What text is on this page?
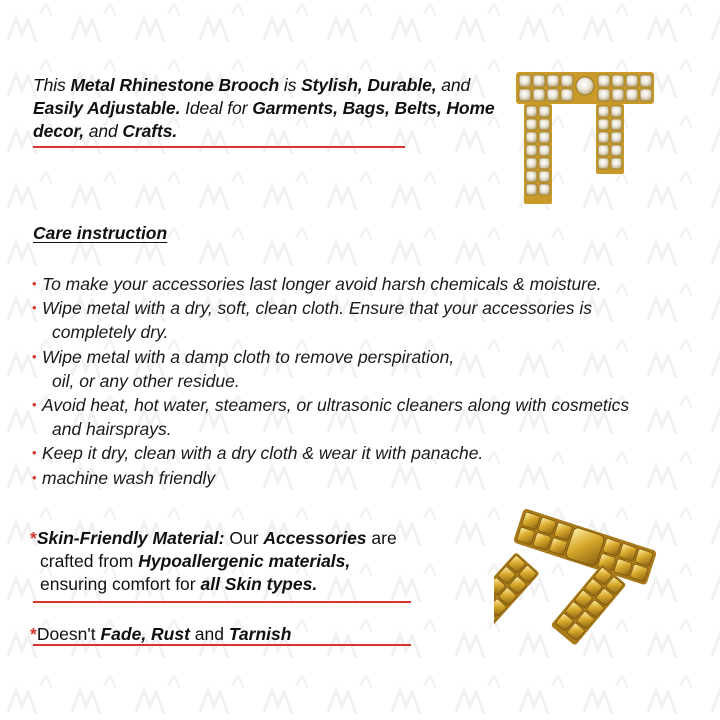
This Metal Rhinestone Brooch is Stylish, Durable, and Easily Adjustable. Ideal for Garments, Bags, Belts, Home decor, and Crafts.
Care instruction
• To make your accessories last longer avoid harsh chemicals & moisture.
• Wipe metal with a dry, soft, clean cloth. Ensure that your accessories is
completely dry.
• Wipe metal with a damp cloth to remove perspiration,
oil, or any other residue.
• Avoid heat, hot water, steamers, or ultrasonic cleaners along with cosmetics
and hairsprays.
• Keep it dry, clean with a dry cloth & wear it with panache.
• machine wash friendly
*Skin-Friendly Material: Our Accessories are
crafted from Hypoallergenic materials,
ensuring comfort for all Skin types.
*Doesn't Fade, Rust and Tarnish
